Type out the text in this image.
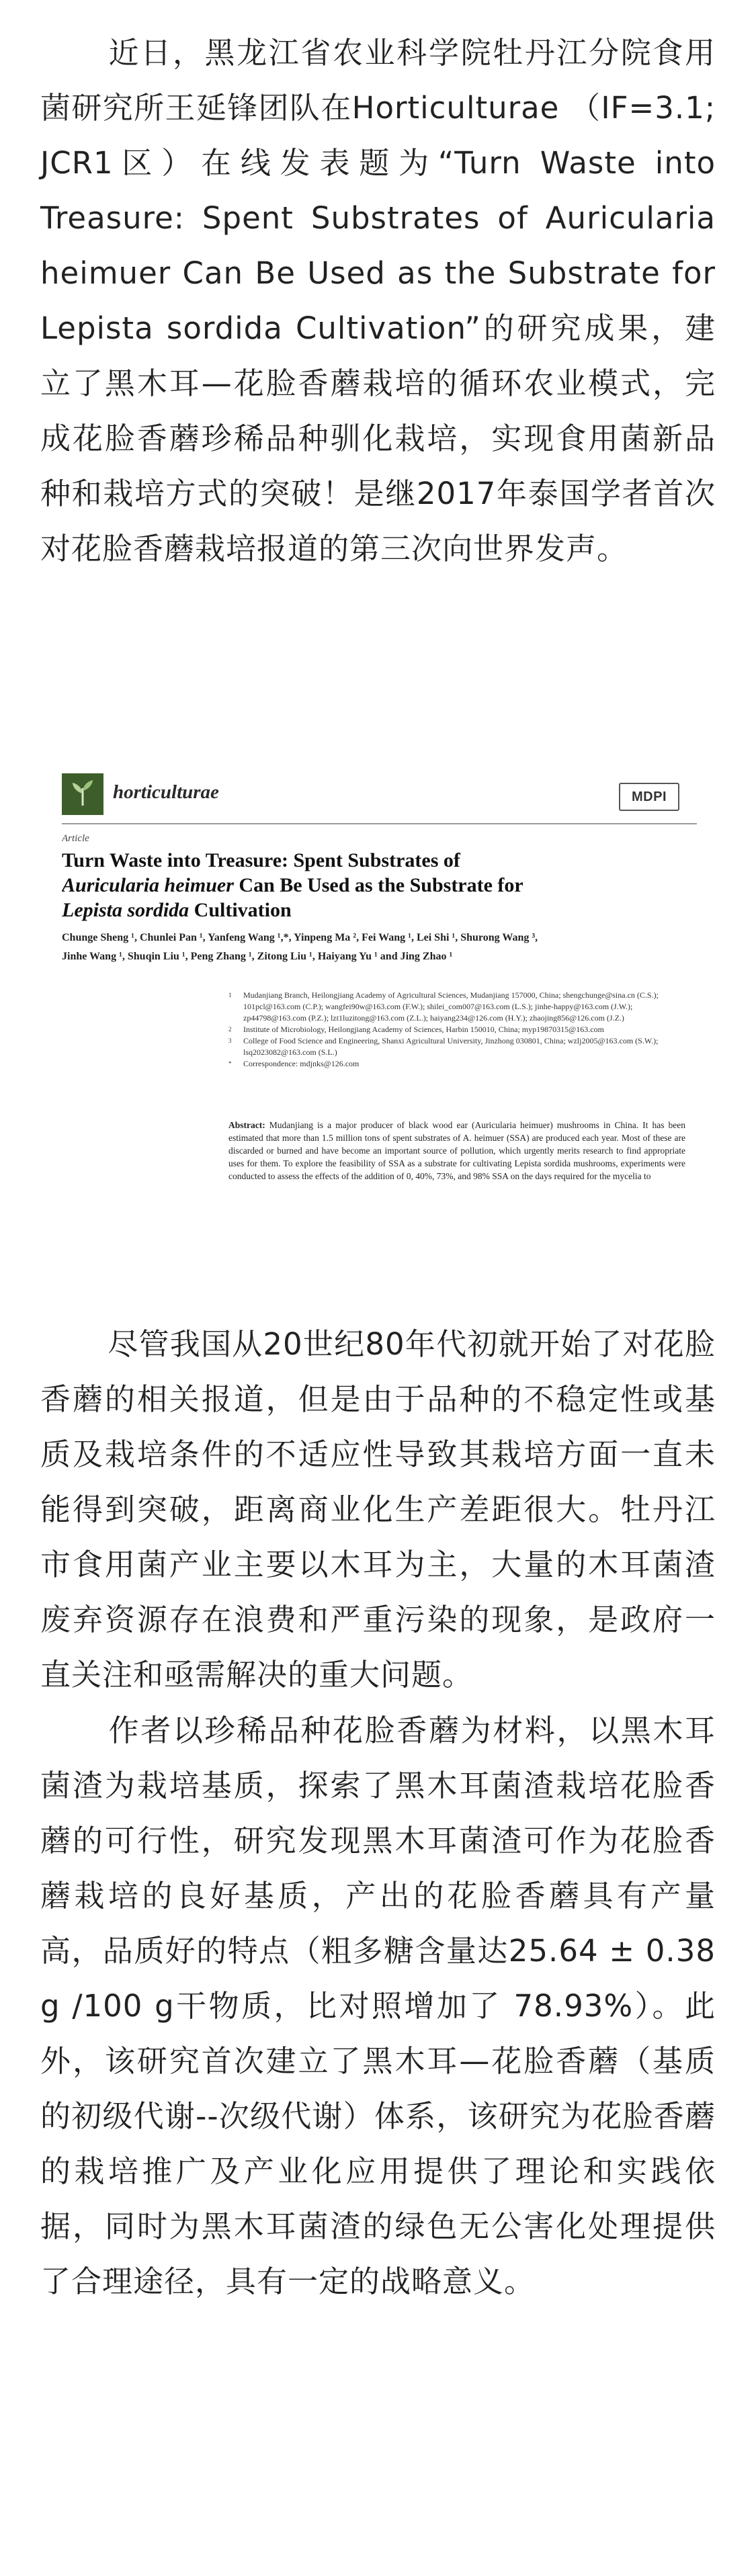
近日，黑龙江省农业科学院牡丹江分院食用菌研究所王延锋团队在Horticulturae （IF=3.1; JCR1区）在线发表题为“Turn Waste into Treasure: Spent Substrates of Auricularia heimuer Can Be Used as the Substrate for Lepista sordida Cultivation”的研究成果，建立了黑木耳—花脸香蘑栽培的循环农业模式，完成花脸香蘑珍稀品种驯化栽培，实现食用菌新品种和栽培方式的突破！是继2017年泰国学者首次对花脸香蘑栽培报道的第三次向世界发声。

horticulturae	MDPI
Article
Turn Waste into Treasure: Spent Substrates of
Auricularia heimuer Can Be Used as the Substrate for
Lepista sordida Cultivation
Chunge Sheng ¹, Chunlei Pan ¹, Yanfeng Wang ¹,*, Yinpeng Ma ², Fei Wang ¹, Lei Shi ¹, Shurong Wang ³,
Jinhe Wang ¹, Shuqin Liu ¹, Peng Zhang ¹, Zitong Liu ¹, Haiyang Yu ¹ and Jing Zhao ¹
1	Mudanjiang Branch, Heilongjiang Academy of Agricultural Sciences, Mudanjiang 157000, China; shengchunge@sina.cn (C.S.); 101pcl@163.com (C.P.); wangfei90w@163.com (F.W.); shilei_com007@163.com (L.S.); jinhe-happy@163.com (J.W.); zp44798@163.com (P.Z.); lzt1luzitong@163.com (Z.L.); haiyang234@126.com (H.Y.); zhaojing856@126.com (J.Z.)
2	Institute of Microbiology, Heilongjiang Academy of Sciences, Harbin 150010, China; myp19870315@163.com
3	College of Food Science and Engineering, Shanxi Agricultural University, Jinzhong 030801, China; wzlj2005@163.com (S.W.); lsq2023082@163.com (S.L.)
*	Correspondence: mdjnks@126.com
Abstract: Mudanjiang is a major producer of black wood ear (Auricularia heimuer) mushrooms in China. It has been estimated that more than 1.5 million tons of spent substrates of A. heimuer (SSA) are produced each year. Most of these are discarded or burned and have become an important source of pollution, which urgently merits research to find appropriate uses for them. To explore the feasibility of SSA as a substrate for cultivating Lepista sordida mushrooms, experiments were conducted to assess the effects of the addition of 0, 40%, 73%, and 98% SSA on the days required for the mycelia to

尽管我国从20世纪80年代初就开始了对花脸香蘑的相关报道，但是由于品种的不稳定性或基质及栽培条件的不适应性导致其栽培方面一直未能得到突破，距离商业化生产差距很大。牡丹江市食用菌产业主要以木耳为主，大量的木耳菌渣废弃资源存在浪费和严重污染的现象，是政府一直关注和亟需解决的重大问题。

作者以珍稀品种花脸香蘑为材料，以黑木耳菌渣为栽培基质，探索了黑木耳菌渣栽培花脸香蘑的可行性，研究发现黑木耳菌渣可作为花脸香蘑栽培的良好基质，产出的花脸香蘑具有产量高，品质好的特点（粗多糖含量达25.64 ± 0.38 g /100 g干物质，比对照增加了 78.93%）。此外，该研究首次建立了黑木耳—花脸香蘑（基质的初级代谢--次级代谢）体系，该研究为花脸香蘑的栽培推广及产业化应用提供了理论和实践依据，同时为黑木耳菌渣的绿色无公害化处理提供了合理途径，具有一定的战略意义。
